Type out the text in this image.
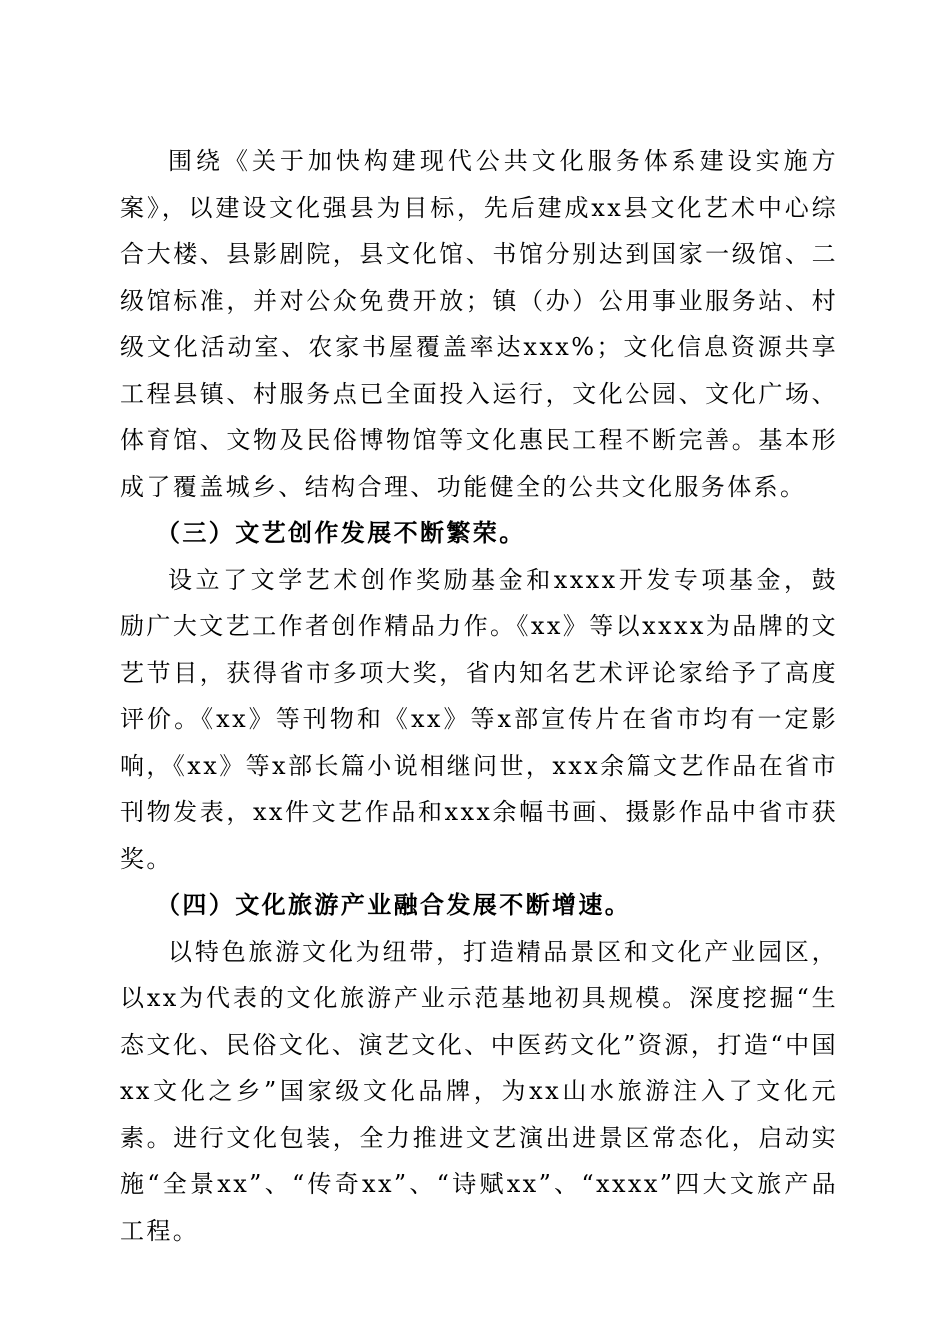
围绕《关于加快构建现代公共文化服务体系建设实施方案》，以建设文化强县为目标，先后建成xx县文化艺术中心综合大楼、县影剧院，县文化馆、书馆分别达到国家一级馆、二级馆标准，并对公众免费开放；镇（办）公用事业服务站、村级文化活动室、农家书屋覆盖率达xxx%；文化信息资源共享工程县镇、村服务点已全面投入运行，文化公园、文化广场、体育馆、文物及民俗博物馆等文化惠民工程不断完善。基本形成了覆盖城乡、结构合理、功能健全的公共文化服务体系。

（三）文艺创作发展不断繁荣。

设立了文学艺术创作奖励基金和xxxx开发专项基金，鼓励广大文艺工作者创作精品力作。《xx》等以xxxx为品牌的文艺节目，获得省市多项大奖，省内知名艺术评论家给予了高度评价。《xx》等刊物和《xx》等x部宣传片在省市均有一定影响，《xx》等x部长篇小说相继问世，xxx余篇文艺作品在省市刊物发表，xx件文艺作品和xxx余幅书画、摄影作品中省市获奖。

（四）文化旅游产业融合发展不断增速。

以特色旅游文化为纽带，打造精品景区和文化产业园区，以xx为代表的文化旅游产业示范基地初具规模。深度挖掘“生态文化、民俗文化、演艺文化、中医药文化”资源，打造“中国xx文化之乡”国家级文化品牌，为xx山水旅游注入了文化元素。进行文化包装，全力推进文艺演出进景区常态化，启动实施“全景xx”、“传奇xx”、“诗赋xx”、“xxxx”四大文旅产品工程。
